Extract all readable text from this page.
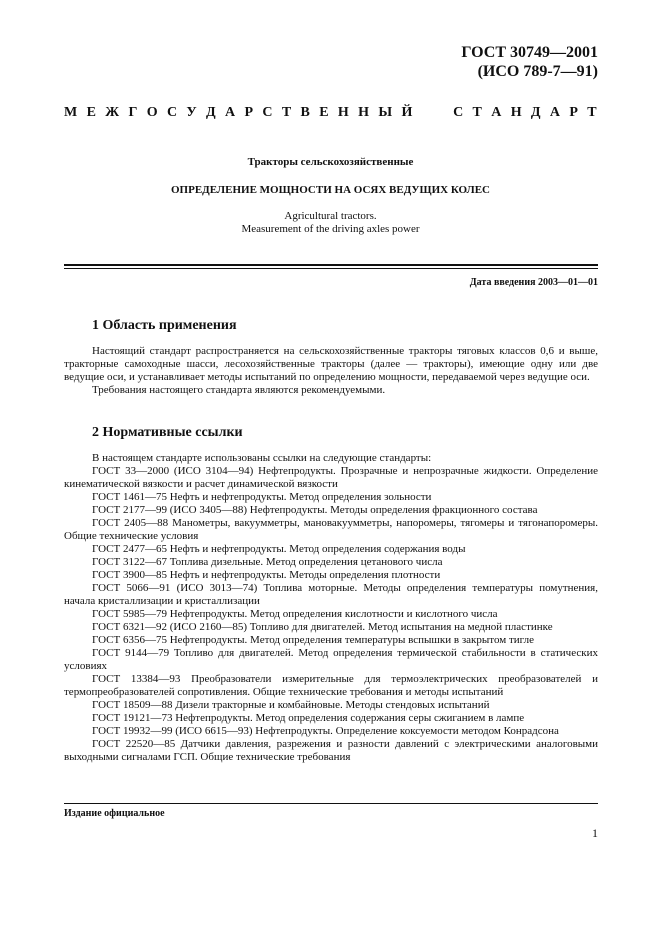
ГОСТ 30749—2001
(ИСО 789-7—91)
М Е Ж Г О С У Д А Р С Т В Е Н Н Ы Й	С Т А Н Д А Р Т
Тракторы сельскохозяйственные
ОПРЕДЕЛЕНИЕ МОЩНОСТИ НА ОСЯХ ВЕДУЩИХ КОЛЕС
Agricultural tractors.
Measurement of the driving axles power
Дата введения 2003—01—01
1 Область применения

Настоящий стандарт распространяется на сельскохозяйственные тракторы тяговых классов 0,6 и выше, тракторные самоходные шасси, лесохозяйственные тракторы (далее — тракторы), имеющие одну или две ведущие оси, и устанавливает методы испытаний по определению мощности, передаваемой через ведущие оси.

Требования настоящего стандарта являются рекомендуемыми.

2 Нормативные ссылки

В настоящем стандарте использованы ссылки на следующие стандарты:

ГОСТ 33—2000 (ИСО 3104—94) Нефтепродукты. Прозрачные и непрозрачные жидкости. Определение кинематической вязкости и расчет динамической вязкости

ГОСТ 1461—75 Нефть и нефтепродукты. Метод определения зольности

ГОСТ 2177—99 (ИСО 3405—88) Нефтепродукты. Методы определения фракционного состава

ГОСТ 2405—88 Манометры, вакуумметры, мановакуумметры, напоромеры, тягомеры и тягонапоромеры. Общие технические условия

ГОСТ 2477—65 Нефть и нефтепродукты. Метод определения содержания воды

ГОСТ 3122—67 Топлива дизельные. Метод определения цетанового числа

ГОСТ 3900—85 Нефть и нефтепродукты. Методы определения плотности

ГОСТ 5066—91 (ИСО 3013—74) Топлива моторные. Методы определения температуры помутнения, начала кристаллизации и кристаллизации

ГОСТ 5985—79 Нефтепродукты. Метод определения кислотности и кислотного числа

ГОСТ 6321—92 (ИСО 2160—85) Топливо для двигателей. Метод испытания на медной пластинке

ГОСТ 6356—75 Нефтепродукты. Метод определения температуры вспышки в закрытом тигле

ГОСТ 9144—79 Топливо для двигателей. Метод определения термической стабильности в статических условиях

ГОСТ 13384—93 Преобразователи измерительные для термоэлектрических преобразователей и термопреобразователей сопротивления. Общие технические требования и методы испытаний

ГОСТ 18509—88 Дизели тракторные и комбайновые. Методы стендовых испытаний

ГОСТ 19121—73 Нефтепродукты. Метод определения содержания серы сжиганием в лампе

ГОСТ 19932—99 (ИСО 6615—93) Нефтепродукты. Определение коксуемости методом Конрадсона

ГОСТ 22520—85 Датчики давления, разрежения и разности давлений с электрическими аналоговыми выходными сигналами ГСП. Общие технические требования

Издание официальное
1
